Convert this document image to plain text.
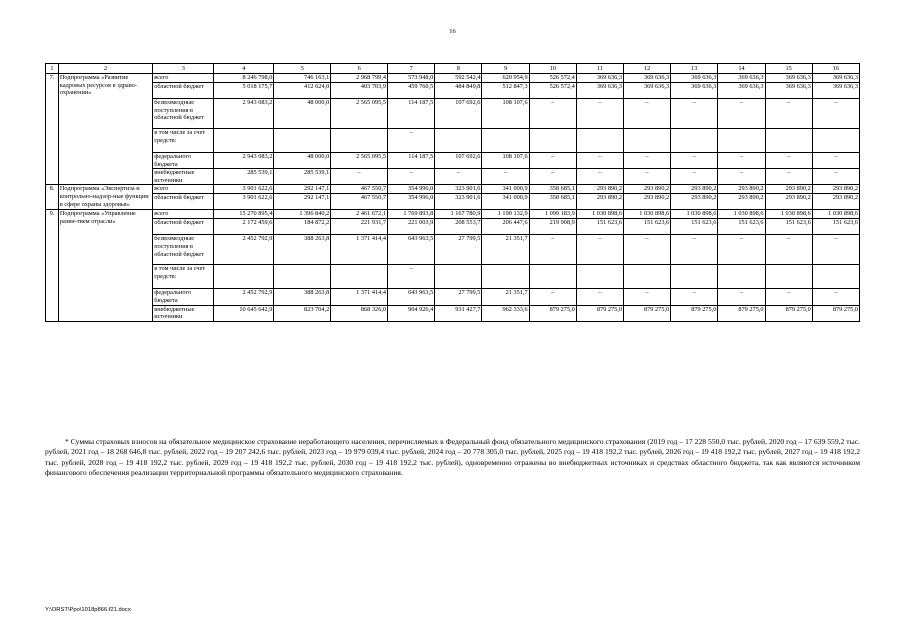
16
1	2	3	4	5	6	7	8	9	10	11	12	13	14	15	16
7.	Подпрограмма «Развитие кадровых ресурсов в здраво-охранении»	всего	8 246 798,0	746 163,1	2 968 799,4	573 948,0	592 542,4	620 954,9	526 572,4	369 636,3	369 636,3	369 636,3	369 636,3	369 636,3	369 636,3
		областной бюджет	5 018 175,7	412 624,0	403 703,9	459 760,5	484 849,8	512 847,3	526 572,4	369 636,3	369 636,3	369 636,3	369 636,3	369 636,3	369 636,3
		безвозмездные поступления в областной бюджет	2 943 083,2	48 000,0	2 565 095,5	114 187,5	107 692,6	108 107,6	–	–	–	–	–	–	–
		в том числе за счет средств:				–									
		федерального бюджета	2 943 083,2	48 000,0	2 565 095,5	114 187,5	107 692,6	108 107,6	–	–	–	–	–	–	–
		внебюджетные источники	285 539,1	285 539,1	–	–	–	–	–	–	–	–	–	–	–
8.	Подпрограмма «Экспертиза и контрольно-надзор-ные функции в сфере охраны здоровья»	всего	3 901 622,6	292 147,1	467 550,7	354 996,0	323 901,6	341 000,9	358 685,1	293 890,2	293 890,2	293 890,2	293 890,2	293 890,2	293 890,2
		областной бюджет	3 901 622,6	292 147,1	467 550,7	354 996,0	323 901,6	341 000,9	358 685,1	293 890,2	293 890,2	293 890,2	293 890,2	293 890,2	293 890,2
9.	Подпрограмма «Управление разви-тием отрасли»	всего	15 270 895,4	1 396 840,2	2 461 672,1	1 769 893,8	1 167 780,9	1 190 132,9	1 099 183,9	1 030 898,6	1 030 898,6	1 030 898,6	1 030 898,6	1 030 898,6	1 030 898,6
		областной бюджет	2 172 459,6	184 872,2	221 931,7	221 003,9	208 553,7	206 447,6	219 908,9	151 623,6	151 623,6	151 623,6	151 623,6	151 623,6	151 623,6
		безвозмездные поступления в областной бюджет	2 452 792,9	388 263,8	1 371 414,4	643 963,5	27 799,5	21 351,7	–	–	–	–	–	–	–
		в том числе за счет средств:				–									
		федерального бюджета	2 452 792,9	388 263,8	1 371 414,4	643 963,5	27 799,5	21 351,7	–	–	–	–	–	–	–
		внебюджетные источники	10 645 642,9	823 704,2	868 326,0	904 926,4	931 427,7	962 333,6	879 275,0	879 275,0	879 275,0	879 275,0	879 275,0	879 275,0	879 275,0
* Суммы страховых взносов на обязательное медицинское страхование неработающего населения, перечисляемых в Федеральный фонд обязательного медицинского страхования (2019 год – 17 228 550,0 тыс. рублей, 2020 год – 17 639 559,2 тыс. рублей, 2021 год – 18 268 646,8 тыс. рублей, 2022 год – 19 207 242,6 тыс. рублей, 2023 год – 19 979 039,4 тыс. рублей, 2024 год – 20 778 305,0 тыс. рублей, 2025 год – 19 418 192,2 тыс. рублей, 2026 год – 19 418 192,2 тыс. рублей, 2027 год – 19 418 192,2 тыс. рублей, 2028 год – 19 418 192,2 тыс. рублей, 2029 год – 19 418 192,2 тыс. рублей, 2030 год – 19 418 192,2 тыс. рублей), одновременно отражены во внебюджетных источниках и средствах областного бюджета, так как являются источником финансового обеспечения реализации территориальной программы обязательного медицинского страхования.
Y:\ORST\Ppo\1018p866.f21.docx
